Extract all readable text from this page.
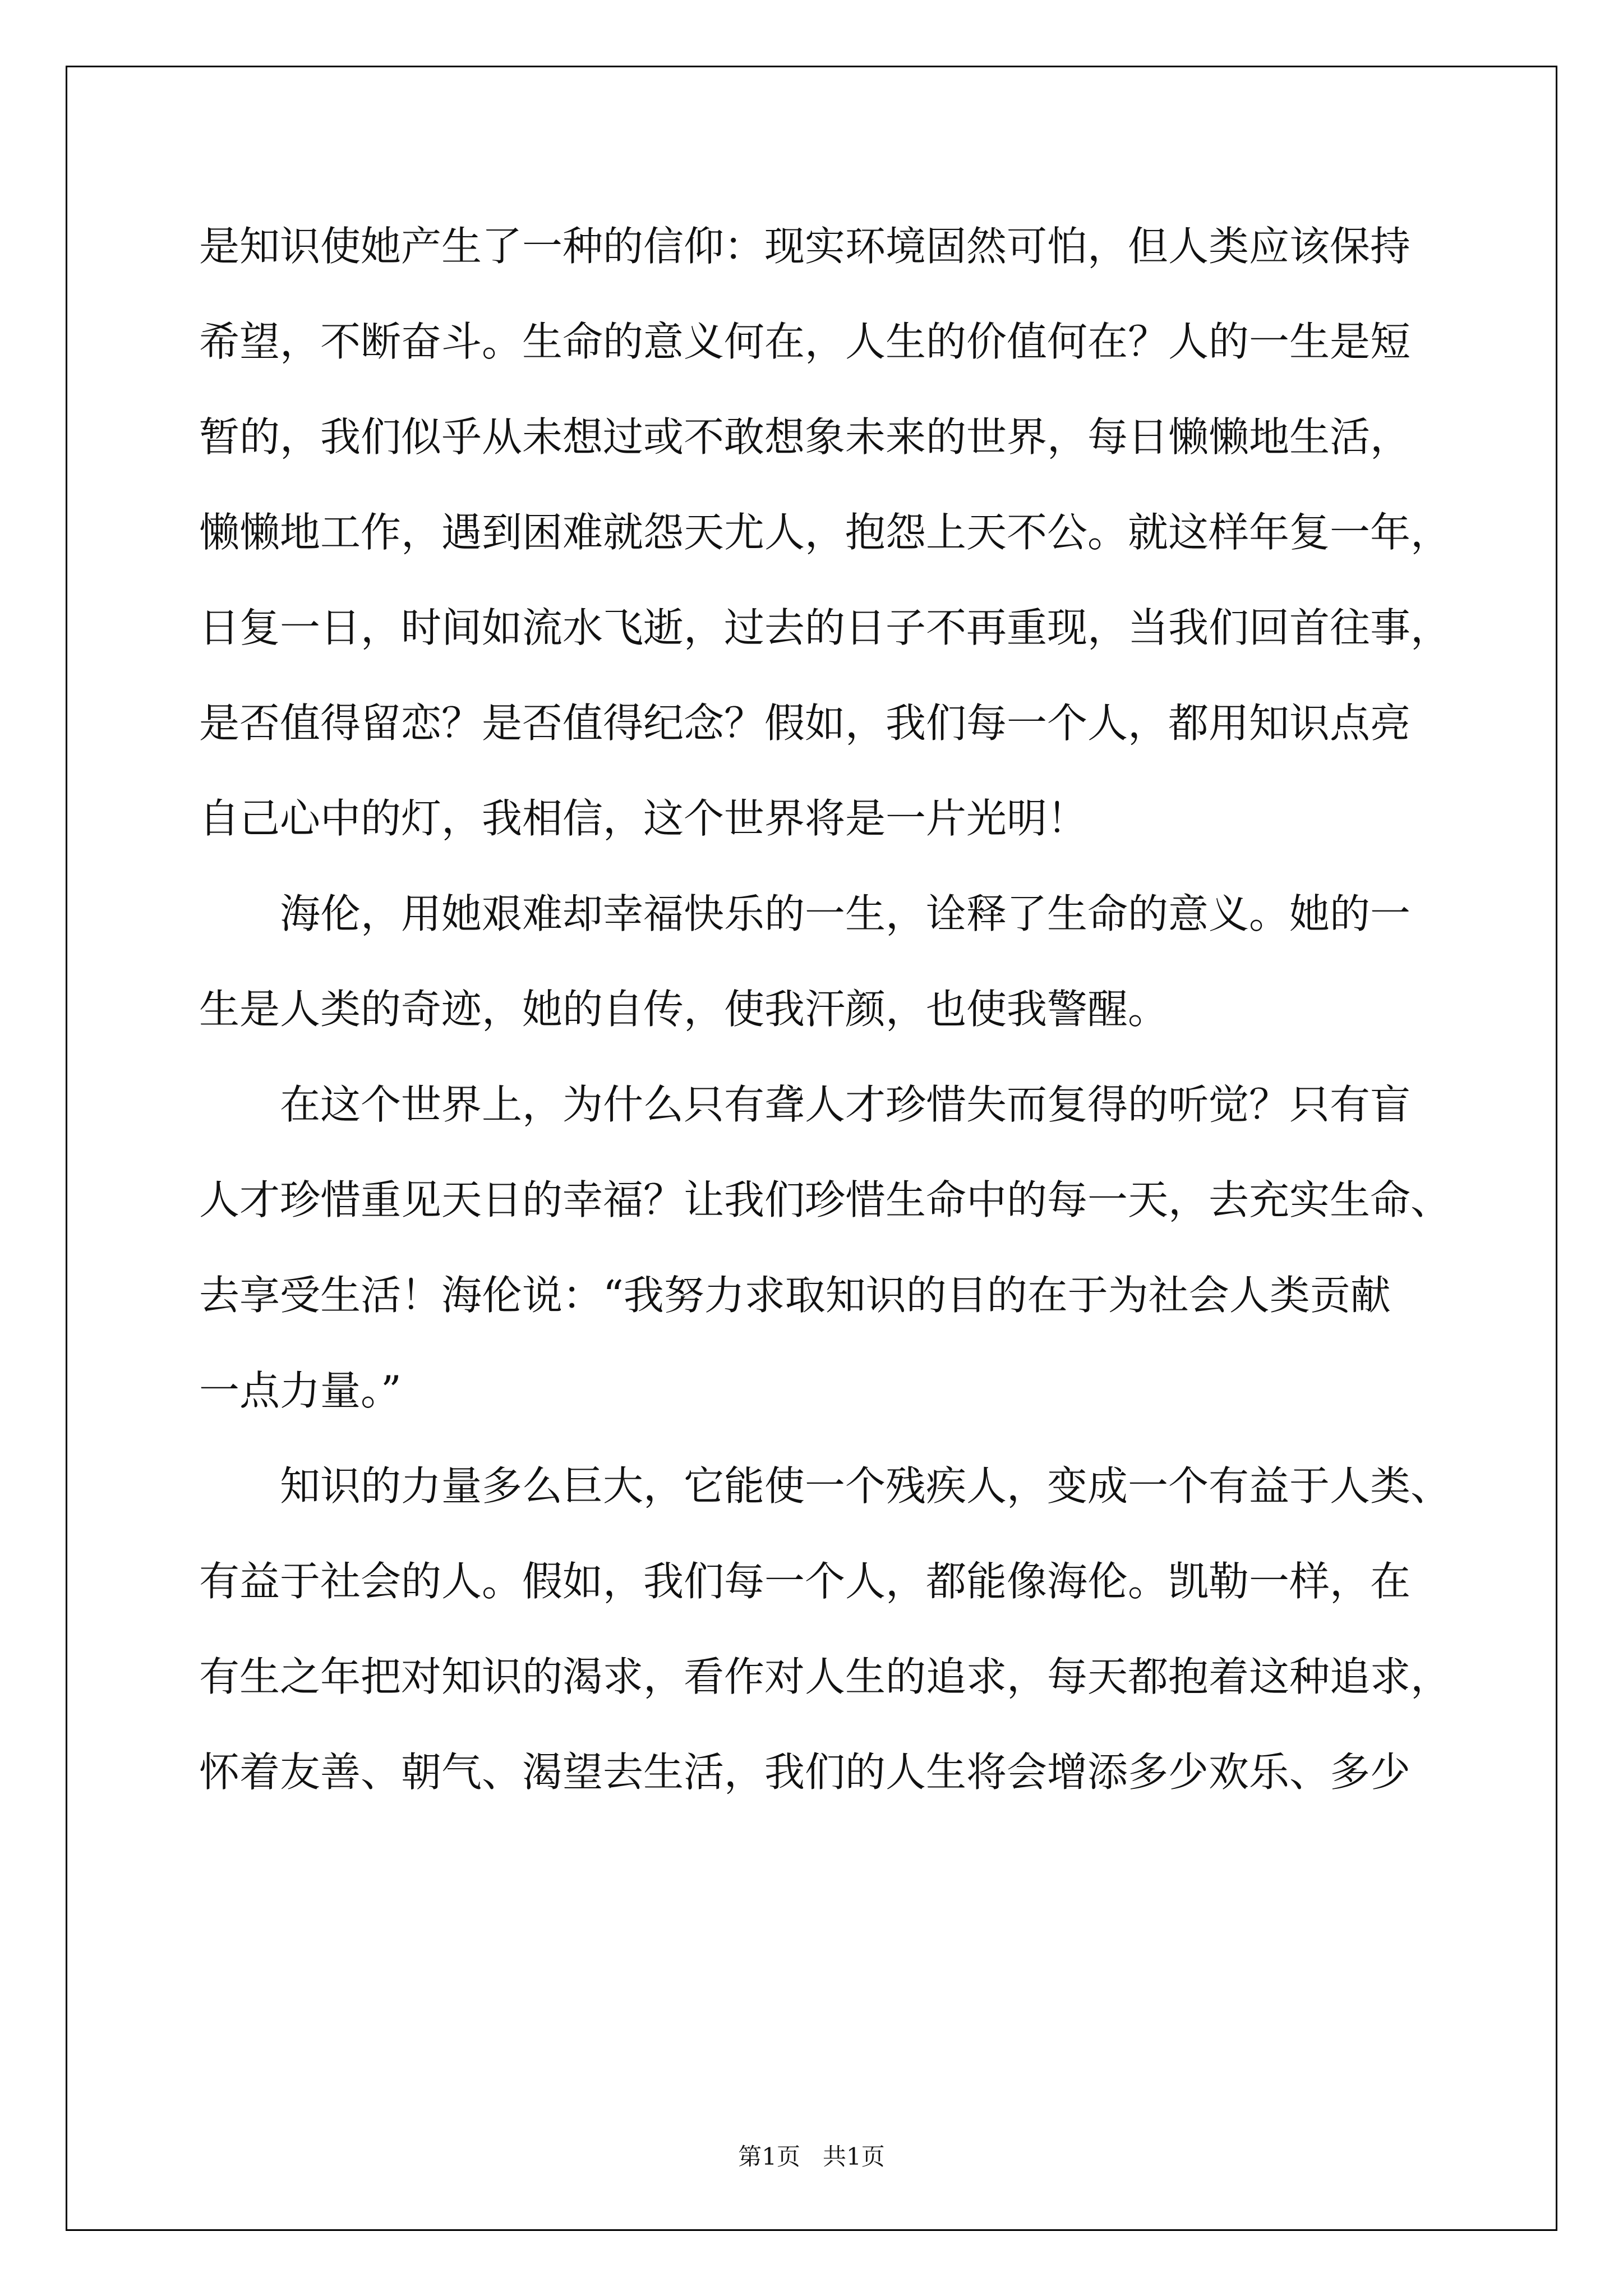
是知识使她产生了一种的信仰：现实环境固然可怕，但人类应该保持
希望，不断奋斗。生命的意义何在，人生的价值何在？人的一生是短
暂的，我们似乎从未想过或不敢想象未来的世界，每日懒懒地生活，
懒懒地工作，遇到困难就怨天尤人，抱怨上天不公。就这样年复一年，
日复一日，时间如流水飞逝，过去的日子不再重现，当我们回首往事，
是否值得留恋？是否值得纪念？假如，我们每一个人，都用知识点亮
自己心中的灯，我相信，这个世界将是一片光明！
海伦，用她艰难却幸福快乐的一生，诠释了生命的意义。她的一
生是人类的奇迹，她的自传，使我汗颜，也使我警醒。
在这个世界上，为什么只有聋人才珍惜失而复得的听觉？只有盲
人才珍惜重见天日的幸福？让我们珍惜生命中的每一天，去充实生命、
去享受生活！海伦说：“我努力求取知识的目的在于为社会人类贡献
一点力量。”
知识的力量多么巨大，它能使一个残疾人，变成一个有益于人类、
有益于社会的人。假如，我们每一个人，都能像海伦。凯勒一样，在
有生之年把对知识的渴求，看作对人生的追求，每天都抱着这种追求，
怀着友善、朝气、渴望去生活，我们的人生将会增添多少欢乐、多少
第1页   共1页
